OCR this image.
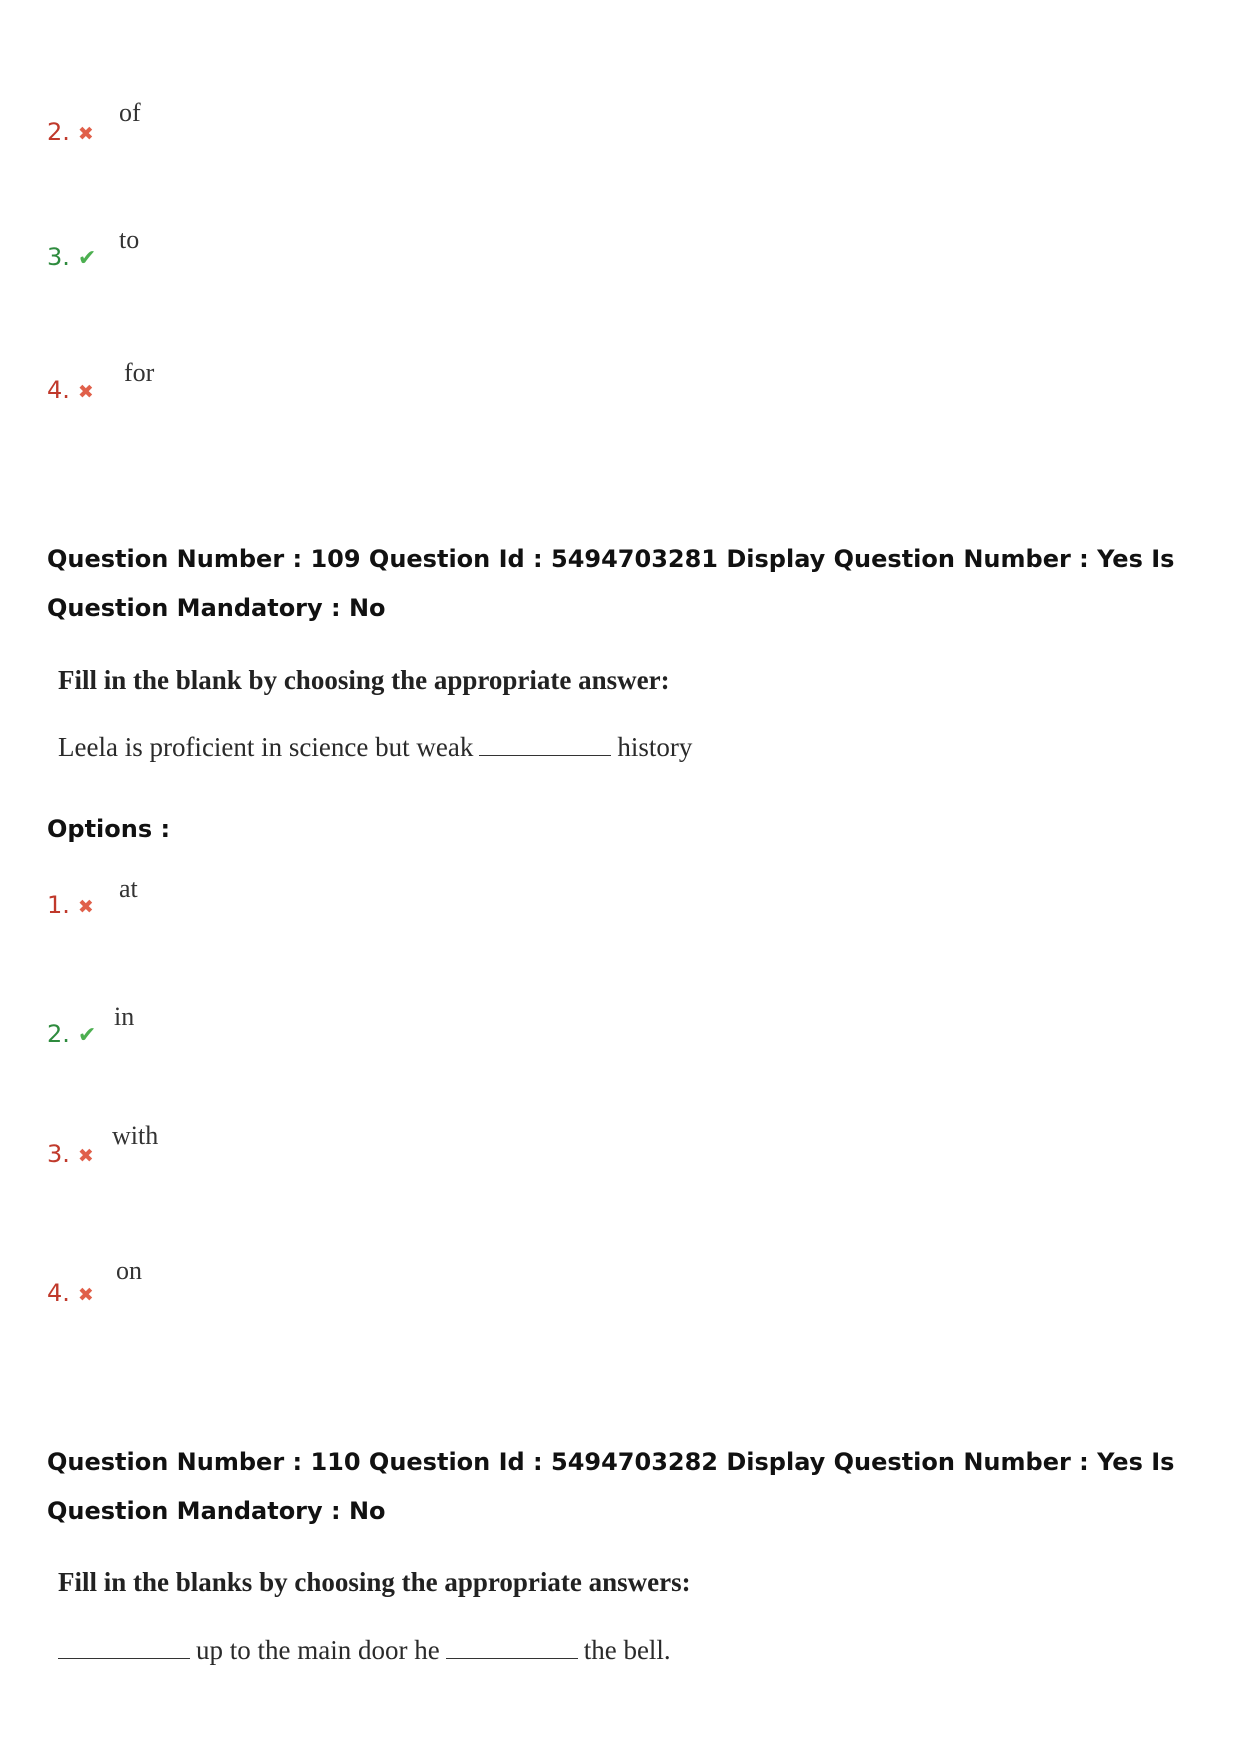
2. ✖
of
3. ✔
to
4. ✖
for
Question Number : 109 Question Id : 5494703281 Display Question Number : Yes Is Question Mandatory : No
Fill in the blank by choosing the appropriate answer:
Leela is proficient in science but weak	history
Options :
1. ✖
at
2. ✔
in
3. ✖
with
4. ✖
on
Question Number : 110 Question Id : 5494703282 Display Question Number : Yes Is Question Mandatory : No
Fill in the blanks by choosing the appropriate answers:
up to the main door he	the bell.
